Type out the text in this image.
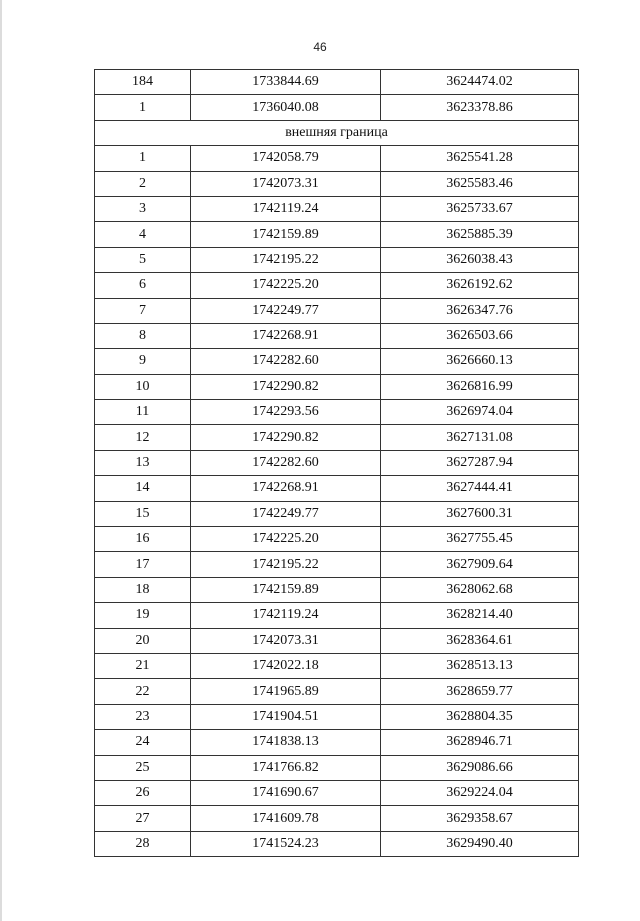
46
184	1733844.69	3624474.02
1	1736040.08	3623378.86
внешняя граница		
1	1742058.79	3625541.28
2	1742073.31	3625583.46
3	1742119.24	3625733.67
4	1742159.89	3625885.39
5	1742195.22	3626038.43
6	1742225.20	3626192.62
7	1742249.77	3626347.76
8	1742268.91	3626503.66
9	1742282.60	3626660.13
10	1742290.82	3626816.99
11	1742293.56	3626974.04
12	1742290.82	3627131.08
13	1742282.60	3627287.94
14	1742268.91	3627444.41
15	1742249.77	3627600.31
16	1742225.20	3627755.45
17	1742195.22	3627909.64
18	1742159.89	3628062.68
19	1742119.24	3628214.40
20	1742073.31	3628364.61
21	1742022.18	3628513.13
22	1741965.89	3628659.77
23	1741904.51	3628804.35
24	1741838.13	3628946.71
25	1741766.82	3629086.66
26	1741690.67	3629224.04
27	1741609.78	3629358.67
28	1741524.23	3629490.40
